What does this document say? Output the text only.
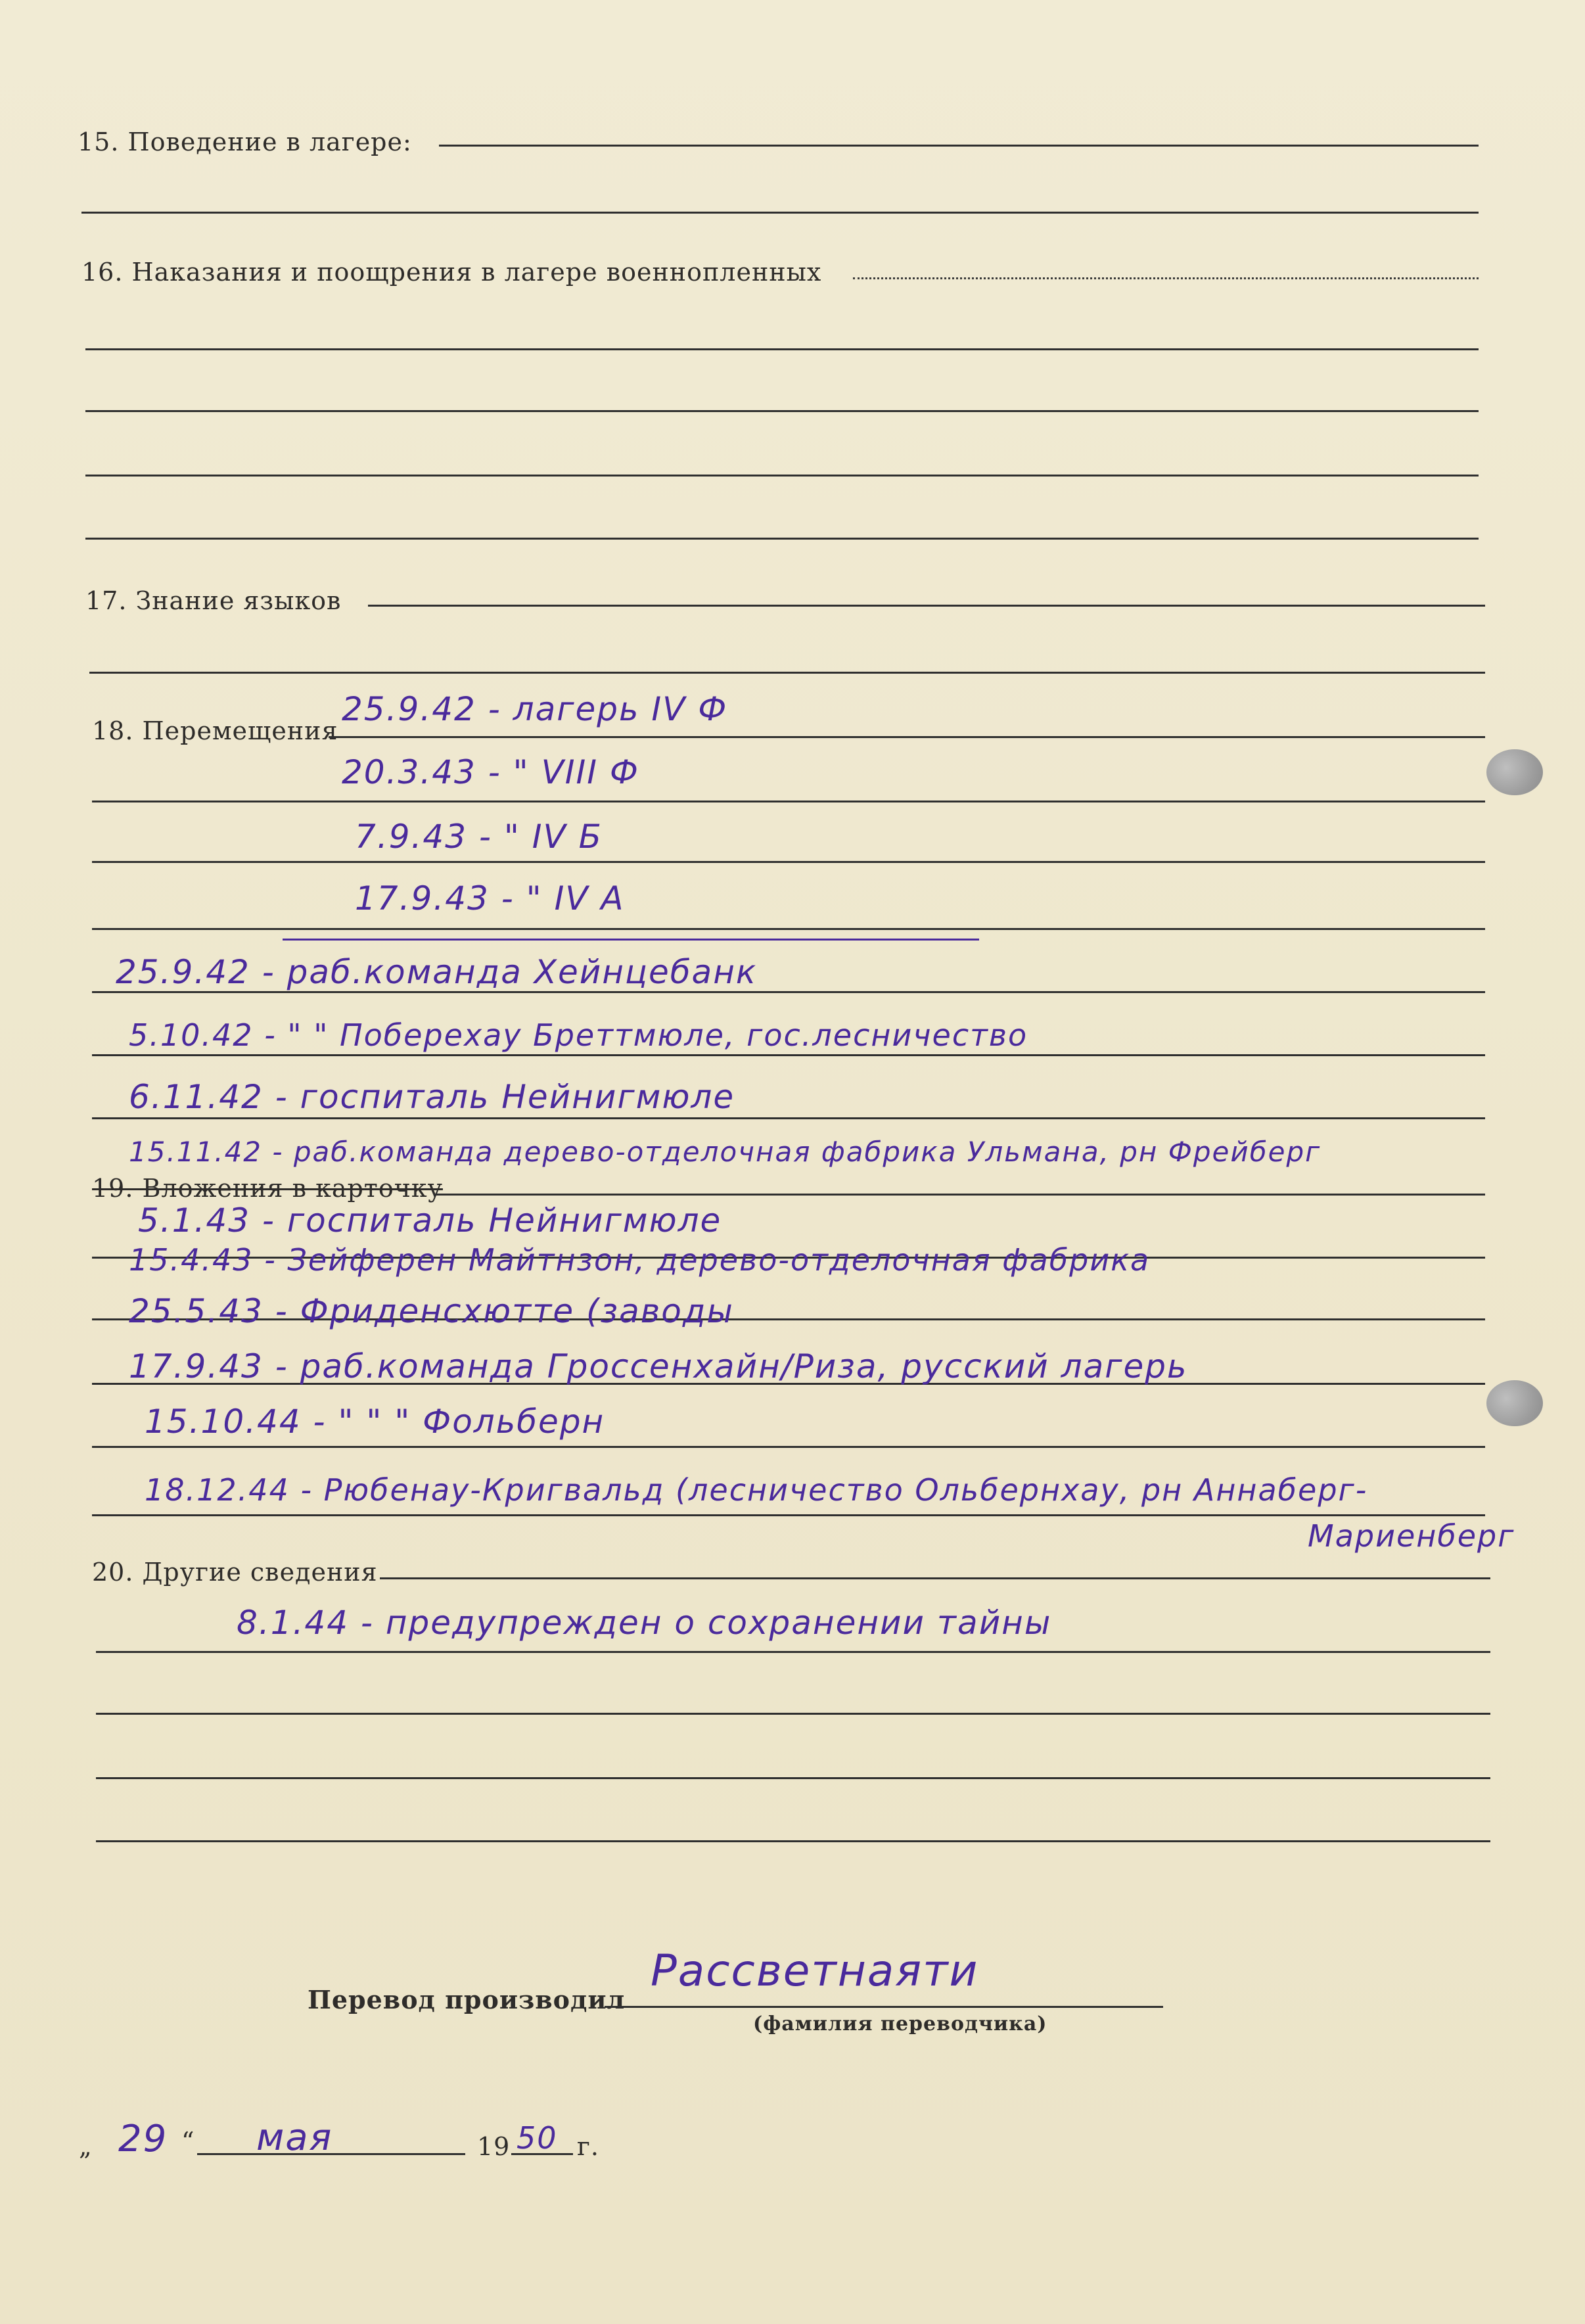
15. Поведение в лагере:
16. Наказания и поощрения в лагере военнопленных
17. Знание языков
18. Перемещения
25.9.42 - лагерь IV Ф
20.3.43 - " VIII Ф
7.9.43 - " IV Б
17.9.43 - " IV А
25.9.42 - раб.команда Хейнцебанк
5.10.42 - " " Поберехау Бреттмюле, гос.лесничество
6.11.42 - госпиталь Нейнигмюле
15.11.42 - раб.команда дерево-отделочная фабрика Ульмана, рн Фрейберг
19. Вложения в карточку
5.1.43 - госпиталь Нейнигмюле
15.4.43 - Зейферен Майтнзон, дерево-отделочная фабрика
25.5.43 - Фриденсхютте (заводы
17.9.43 - раб.команда Гроссенхайн/Риза, русский лагерь
15.10.44 - " " " Фольберн
18.12.44 - Рюбенау-Кригвальд (лесничество Ольбернхау, рн Аннаберг-
Мариенберг
20. Другие сведения
8.1.44 - предупрежден о сохранении тайны
Перевод производил
Рассветнаяти
(фамилия переводчика)
„ 29 “ мая	19 50 г.
